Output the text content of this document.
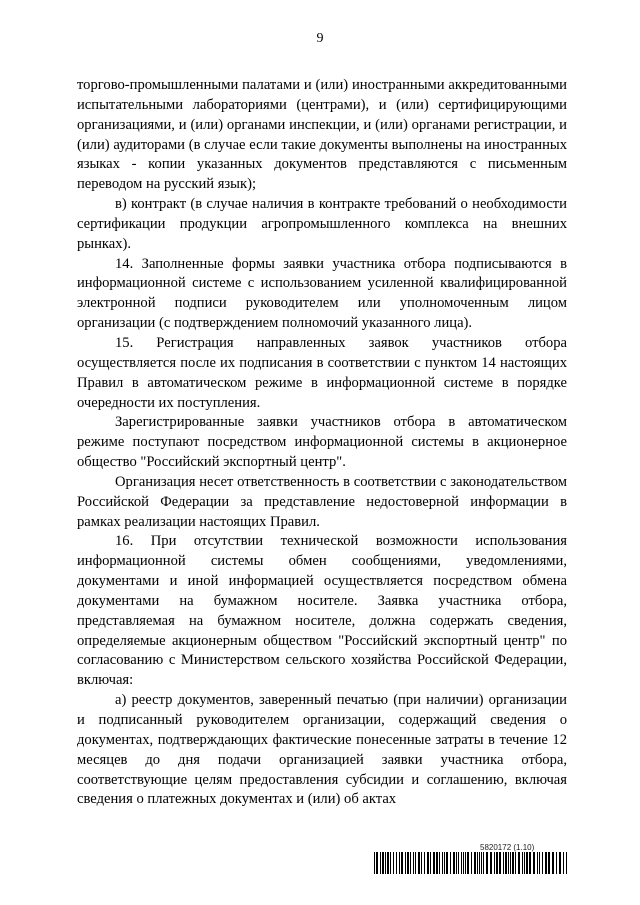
9

торгово-промышленными палатами и (или) иностранными аккредитованными испытательными лабораториями (центрами), и (или) сертифицирующими организациями, и (или) органами инспекции, и (или) органами регистрации, и (или) аудиторами (в случае если такие документы выполнены на иностранных языках - копии указанных документов представляются с письменным переводом на русский язык);

в) контракт (в случае наличия в контракте требований о необходимости сертификации продукции агропромышленного комплекса на внешних рынках).

14. Заполненные формы заявки участника отбора подписываются в информационной системе с использованием усиленной квалифицированной электронной подписи руководителем или уполномоченным лицом организации (с подтверждением полномочий указанного лица).

15. Регистрация направленных заявок участников отбора осуществляется после их подписания в соответствии с пунктом 14 настоящих Правил в автоматическом режиме в информационной системе в порядке очередности их поступления.

Зарегистрированные заявки участников отбора в автоматическом режиме поступают посредством информационной системы в акционерное общество "Российский экспортный центр".

Организация несет ответственность в соответствии с законодательством Российской Федерации за представление недостоверной информации в рамках реализации настоящих Правил.

16. При отсутствии технической возможности использования информационной системы обмен сообщениями, уведомлениями, документами и иной информацией осуществляется посредством обмена документами на бумажном носителе. Заявка участника отбора, представляемая на бумажном носителе, должна содержать сведения, определяемые акционерным обществом "Российский экспортный центр" по согласованию с Министерством сельского хозяйства Российской Федерации, включая:

а) реестр документов, заверенный печатью (при наличии) организации и подписанный руководителем организации, содержащий сведения о документах, подтверждающих фактические понесенные затраты в течение 12 месяцев до дня подачи организацией заявки участника отбора, соответствующие целям предоставления субсидии и соглашению, включая сведения о платежных документах и (или) об актах

5820172 (1.10)
